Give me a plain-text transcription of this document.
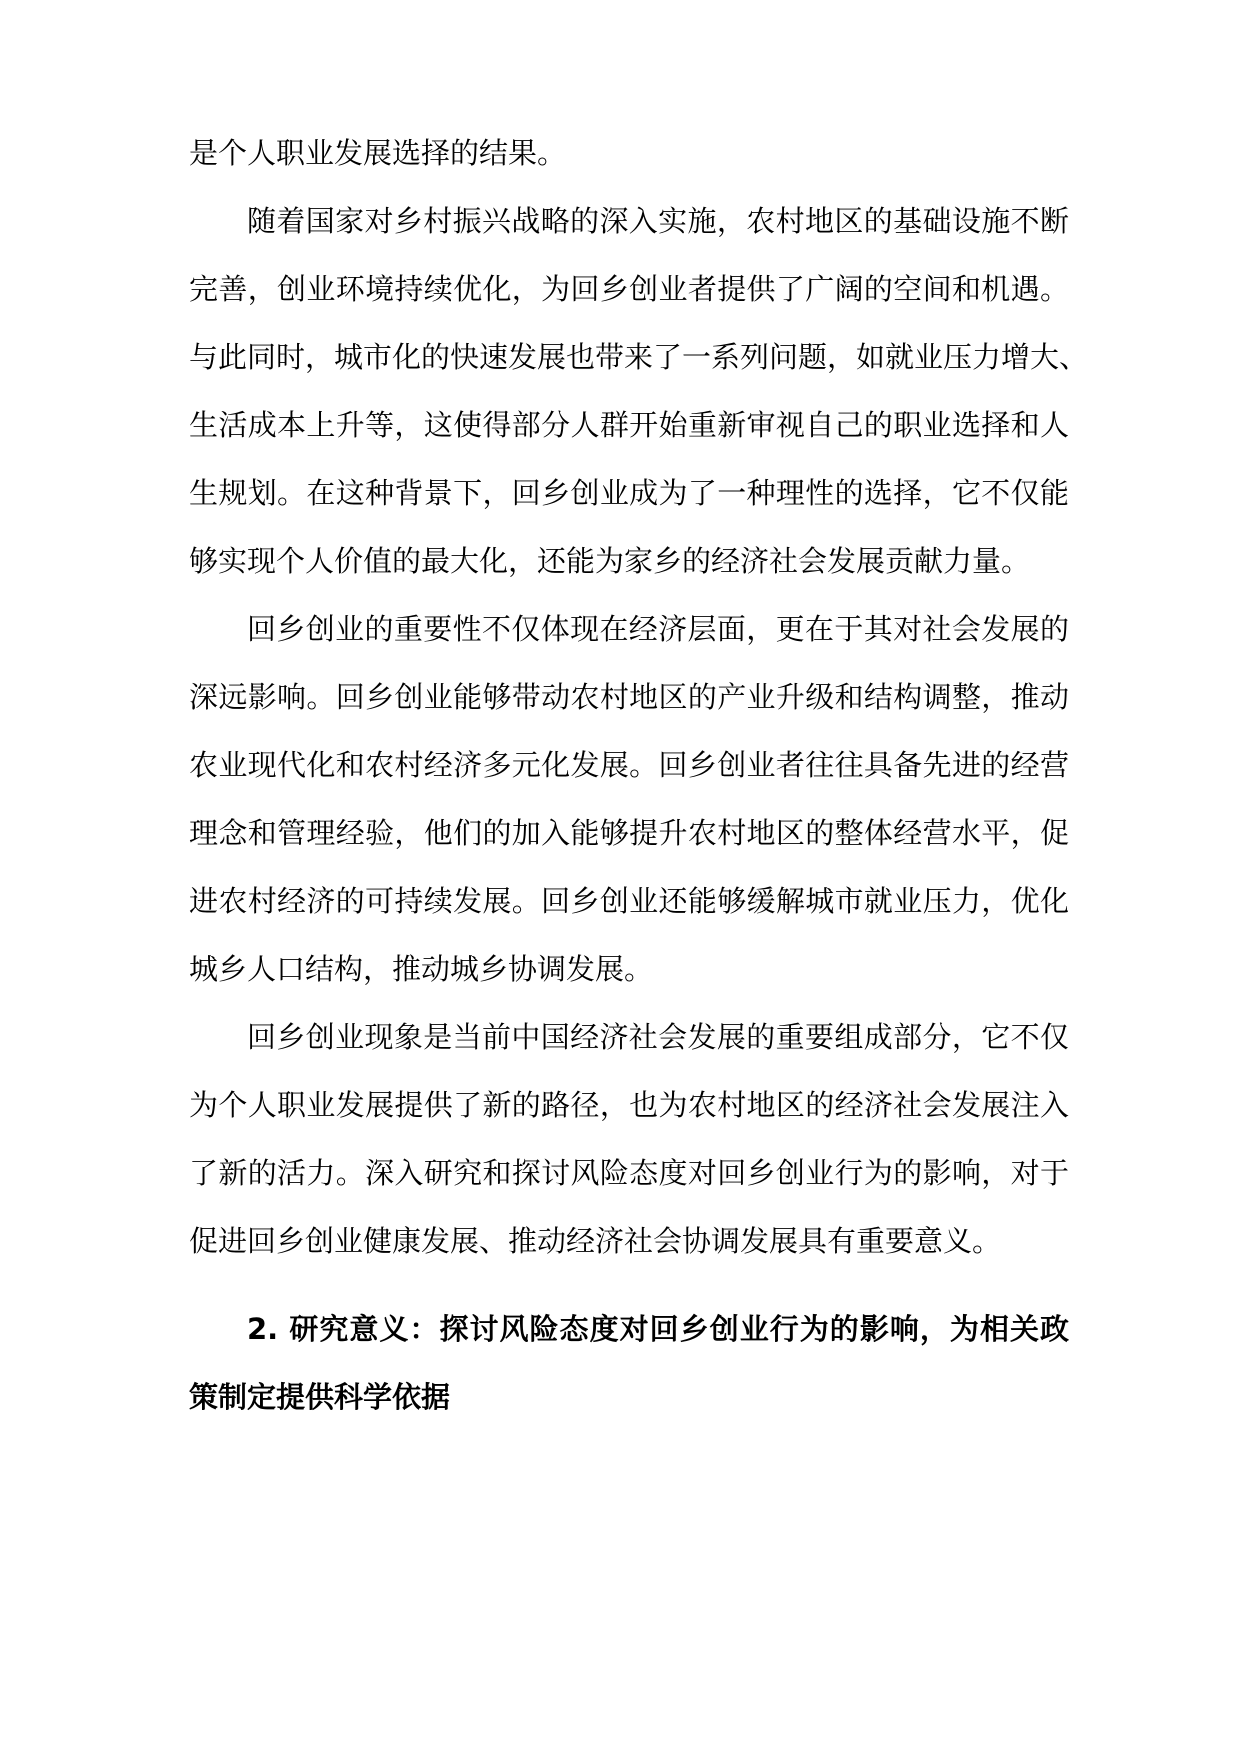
是个人职业发展选择的结果。
随着国家对乡村振兴战略的深入实施，农村地区的基础设施不断
完善，创业环境持续优化，为回乡创业者提供了广阔的空间和机遇。
与此同时，城市化的快速发展也带来了一系列问题，如就业压力增大、
生活成本上升等，这使得部分人群开始重新审视自己的职业选择和人
生规划。在这种背景下，回乡创业成为了一种理性的选择，它不仅能
够实现个人价值的最大化，还能为家乡的经济社会发展贡献力量。
回乡创业的重要性不仅体现在经济层面，更在于其对社会发展的
深远影响。回乡创业能够带动农村地区的产业升级和结构调整，推动
农业现代化和农村经济多元化发展。回乡创业者往往具备先进的经营
理念和管理经验，他们的加入能够提升农村地区的整体经营水平，促
进农村经济的可持续发展。回乡创业还能够缓解城市就业压力，优化
城乡人口结构，推动城乡协调发展。
回乡创业现象是当前中国经济社会发展的重要组成部分，它不仅
为个人职业发展提供了新的路径，也为农村地区的经济社会发展注入
了新的活力。深入研究和探讨风险态度对回乡创业行为的影响，对于
促进回乡创业健康发展、推动经济社会协调发展具有重要意义。
2. 研究意义：探讨风险态度对回乡创业行为的影响，为相关政
策制定提供科学依据
